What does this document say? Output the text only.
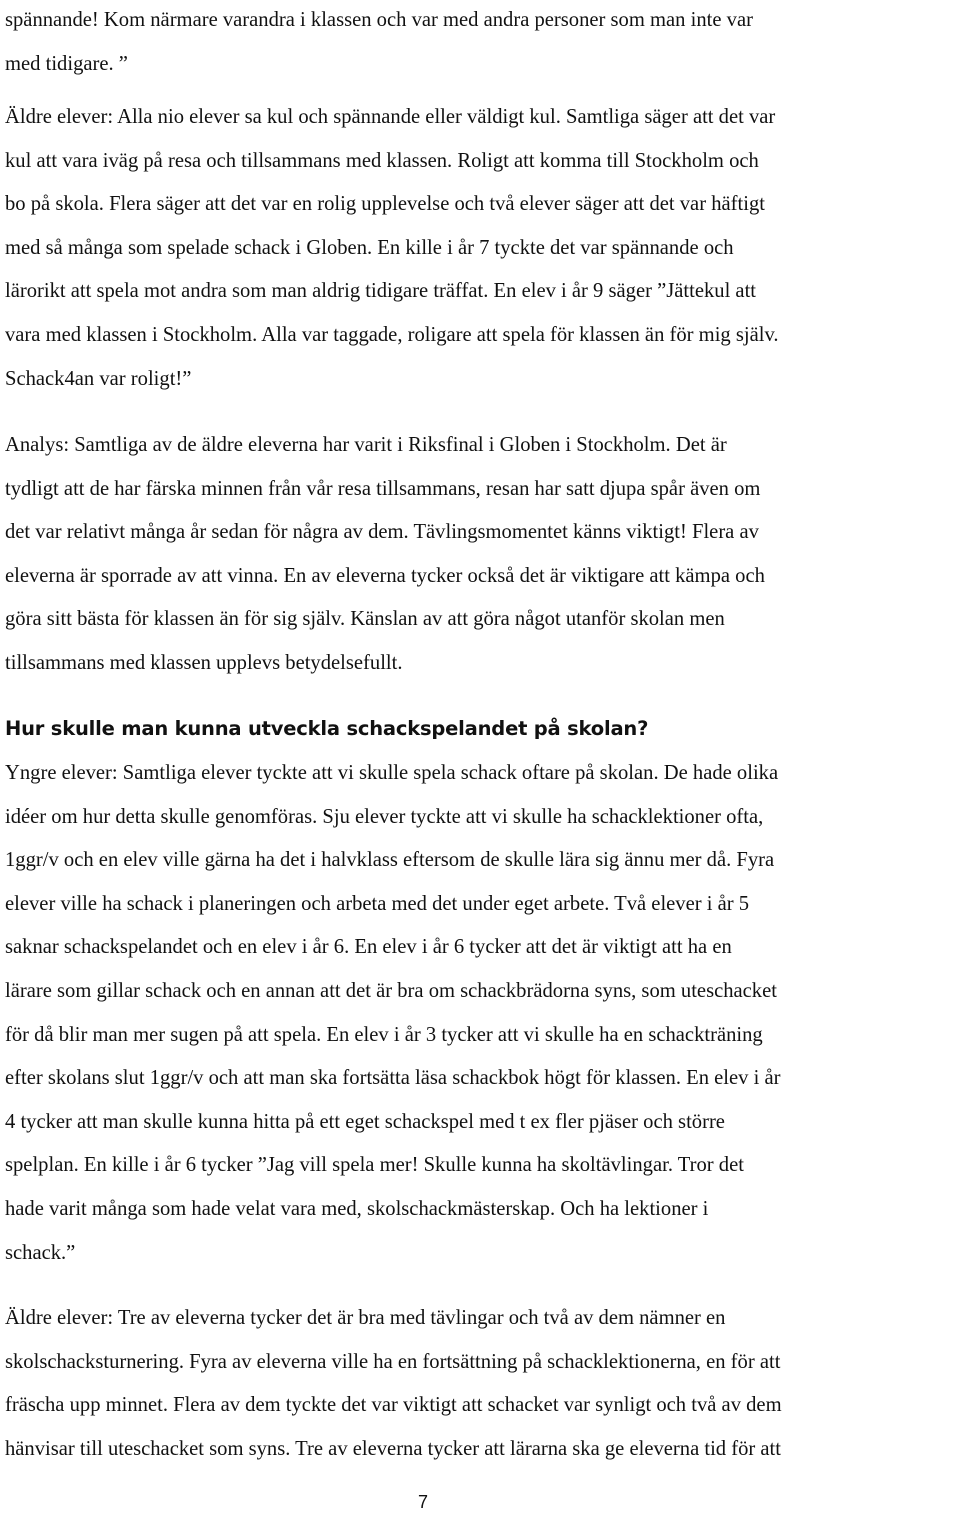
spännande! Kom närmare varandra i klassen och var med andra personer som man inte var
med tidigare. ”

Äldre elever: Alla nio elever sa kul och spännande eller väldigt kul. Samtliga säger att det var
kul att vara iväg på resa och tillsammans med klassen. Roligt att komma till Stockholm och
bo på skola. Flera säger att det var en rolig upplevelse och två elever säger att det var häftigt
med så många som spelade schack i Globen. En kille i år 7 tyckte det var spännande och
lärorikt att spela mot andra som man aldrig tidigare träffat. En elev i år 9 säger ”Jättekul att
vara med klassen i Stockholm. Alla var taggade, roligare att spela för klassen än för mig själv.
Schack4an var roligt!”

Analys: Samtliga av de äldre eleverna har varit i Riksfinal i Globen i Stockholm. Det är
tydligt att de har färska minnen från vår resa tillsammans, resan har satt djupa spår även om
det var relativt många år sedan för några av dem. Tävlingsmomentet känns viktigt! Flera av
eleverna är sporrade av att vinna. En av eleverna tycker också det är viktigare att kämpa och
göra sitt bästa för klassen än för sig själv. Känslan av att göra något utanför skolan men
tillsammans med klassen upplevs betydelsefullt.

Hur skulle man kunna utveckla schackspelandet på skolan?

Yngre elever: Samtliga elever tyckte att vi skulle spela schack oftare på skolan. De hade olika
idéer om hur detta skulle genomföras. Sju elever tyckte att vi skulle ha schacklektioner ofta,
1ggr/v och en elev ville gärna ha det i halvklass eftersom de skulle lära sig ännu mer då. Fyra
elever ville ha schack i planeringen och arbeta med det under eget arbete. Två elever i år 5
saknar schackspelandet och en elev i år 6. En elev i år 6 tycker att det är viktigt att ha en
lärare som gillar schack och en annan att det är bra om schackbrädorna syns, som uteschacket
för då blir man mer sugen på att spela. En elev i år 3 tycker att vi skulle ha en schackträning
efter skolans slut 1ggr/v och att man ska fortsätta läsa schackbok högt för klassen. En elev i år
4 tycker att man skulle kunna hitta på ett eget schackspel med t ex fler pjäser och större
spelplan. En kille i år 6 tycker ”Jag vill spela mer! Skulle kunna ha skoltävlingar. Tror det
hade varit många som hade velat vara med, skolschackmästerskap. Och ha lektioner i
schack.”

Äldre elever: Tre av eleverna tycker det är bra med tävlingar och två av dem nämner en
skolschacksturnering. Fyra av eleverna ville ha en fortsättning på schacklektionerna, en för att
fräscha upp minnet. Flera av dem tyckte det var viktigt att schacket var synligt och två av dem
hänvisar till uteschacket som syns. Tre av eleverna tycker att lärarna ska ge eleverna tid för att

7
